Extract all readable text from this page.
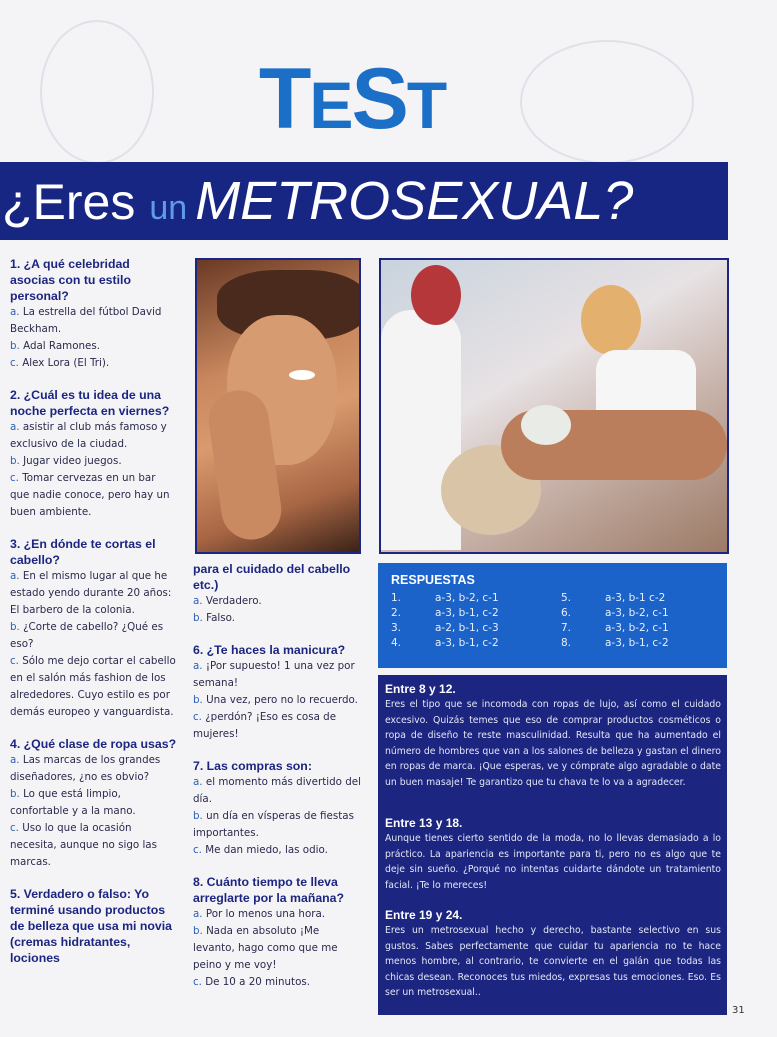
TEST
¿Eres un METROSEXUAL?
1. ¿A qué celebridad asocias con tu estilo personal?
a. La estrella del fútbol David Beckham.
b. Adal Ramones.
c. Alex Lora (El Tri).
2. ¿Cuál es tu idea de una noche perfecta en viernes?
a. asistir al club más famoso y exclusivo de la ciudad.
b. Jugar video juegos.
c. Tomar cervezas en un bar que nadie conoce, pero hay un buen ambiente.
3. ¿En dónde te cortas el cabello?
a. En el mismo lugar al que he estado yendo durante 20 años: El barbero de la colonia.
b. ¿Corte de cabello? ¿Qué es eso?
c. Sólo me dejo cortar el cabello en el salón más fashion de los alrededores. Cuyo estilo es por demás europeo y vanguardista.
4. ¿Qué clase de ropa usas?
a. Las marcas de los grandes diseñadores, ¿no es obvio?
b. Lo que está limpio, confortable y a la mano.
c. Uso lo que la ocasión necesita, aunque no sigo las marcas.
5. Verdadero o falso: Yo terminé usando productos de belleza que usa mi novia (cremas hidratantes, lociones
para el cuidado del cabello etc.)
a. Verdadero.
b. Falso.
6. ¿Te haces la manicura?
a. ¡Por supuesto! 1 una vez por semana!
b. Una vez, pero no lo recuerdo.
c. ¿perdón? ¡Eso es cosa de mujeres!
7. Las compras son:
a. el momento más divertido del día.
b. un día en vísperas de fiestas importantes.
c. Me dan miedo, las odio.
8. Cuánto tiempo te lleva arreglarte por la mañana?
a. Por lo menos una hora.
b. Nada en absoluto ¡Me levanto, hago como que me peino y me voy!
c. De 10 a 20 minutos.
RESPUESTAS
1.	a-3, b-2, c-1
2.	a-3, b-1, c-2
3.	a-2, b-1, c-3
4.	a-3, b-1, c-2
5.	a-3, b-1 c-2
6.	a-3, b-2, c-1
7.	a-3, b-2, c-1
8.	a-3, b-1, c-2
Entre 8 y 12.
Eres el tipo que se incomoda con ropas de lujo, así como el cuidado excesivo. Quizás temes que eso de comprar productos cosméticos o ropa de diseño te reste masculinidad. Resulta que ha aumentado el número de hombres que van a los salones de belleza y gastan el dinero en ropas de marca. ¡Que esperas, ve y cómprate algo agradable o date un buen masaje! Te garantizo que tu chava te lo va a agradecer.
Entre 13 y 18.
Aunque tienes cierto sentido de la moda, no lo llevas demasiado a lo práctico. La apariencia es importante para ti, pero no es algo que te deje sin sueño. ¿Porqué no intentas cuidarte dándote un tratamiento facial. ¡Te lo mereces!
Entre 19 y 24.
Eres un metrosexual hecho y derecho, bastante selectivo en sus gustos. Sabes perfectamente que cuidar tu apariencia no te hace menos hombre, al contrario, te convierte en el galán que todas las chicas desean. Reconoces tus miedos, expresas tus emociones. Eso. Es ser un metrosexual..
31
